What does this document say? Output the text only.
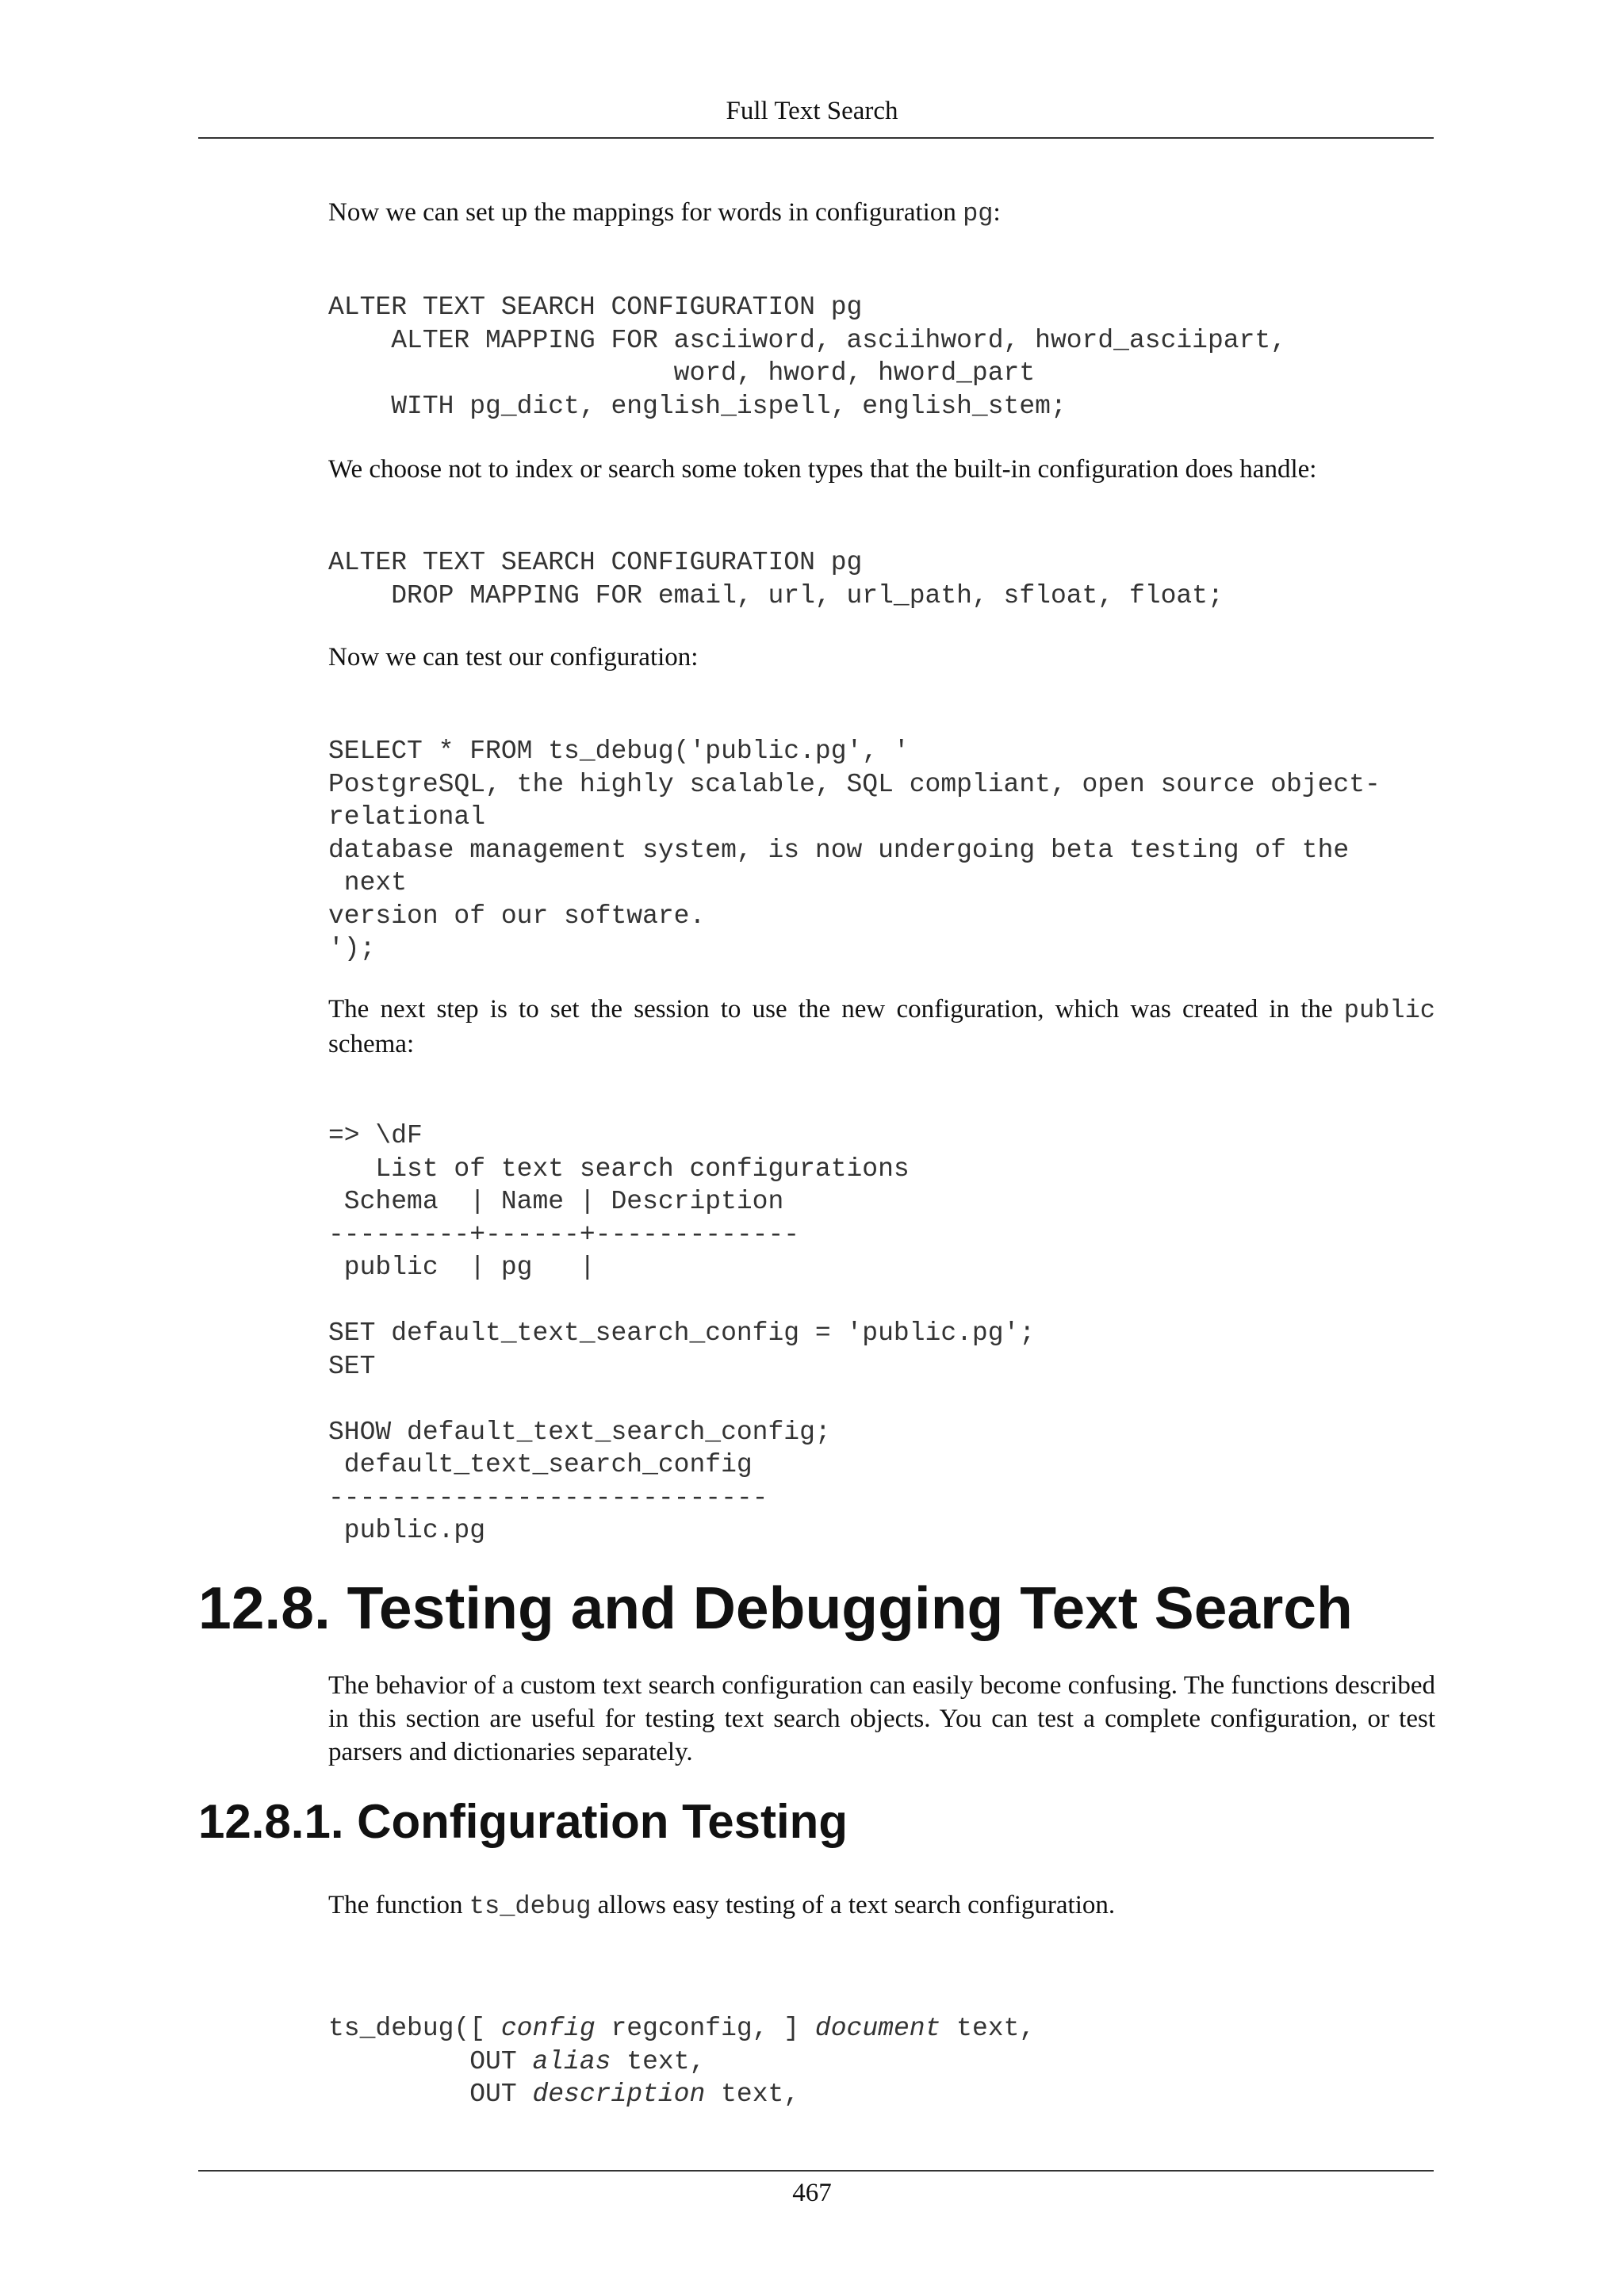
Full Text Search
Now we can set up the mappings for words in configuration pg:
ALTER TEXT SEARCH CONFIGURATION pg
ALTER MAPPING FOR asciiword, asciihword, hword_asciipart,
word, hword, hword_part
WITH pg_dict, english_ispell, english_stem;
We choose not to index or search some token types that the built-in configuration does handle:
ALTER TEXT SEARCH CONFIGURATION pg
DROP MAPPING FOR email, url, url_path, sfloat, float;
Now we can test our configuration:
SELECT * FROM ts_debug('public.pg', '
PostgreSQL, the highly scalable, SQL compliant, open source object-
relational
database management system, is now undergoing beta testing of the
next
version of our software.
');
The next step is to set the session to use the new configuration, which was created in the public schema:
=> \dF
List of text search configurations
Schema  | Name | Description
---------+------+-------------
public  | pg   |

SET default_text_search_config = 'public.pg';
SET

SHOW default_text_search_config;
default_text_search_config
----------------------------
public.pg
12.8. Testing and Debugging Text Search
The behavior of a custom text search configuration can easily become confusing. The functions described in this section are useful for testing text search objects. You can test a complete configuration, or test parsers and dictionaries separately.
12.8.1. Configuration Testing
The function ts_debug allows easy testing of a text search configuration.
ts_debug([ config regconfig, ] document text,
OUT alias text,
OUT description text,
467
